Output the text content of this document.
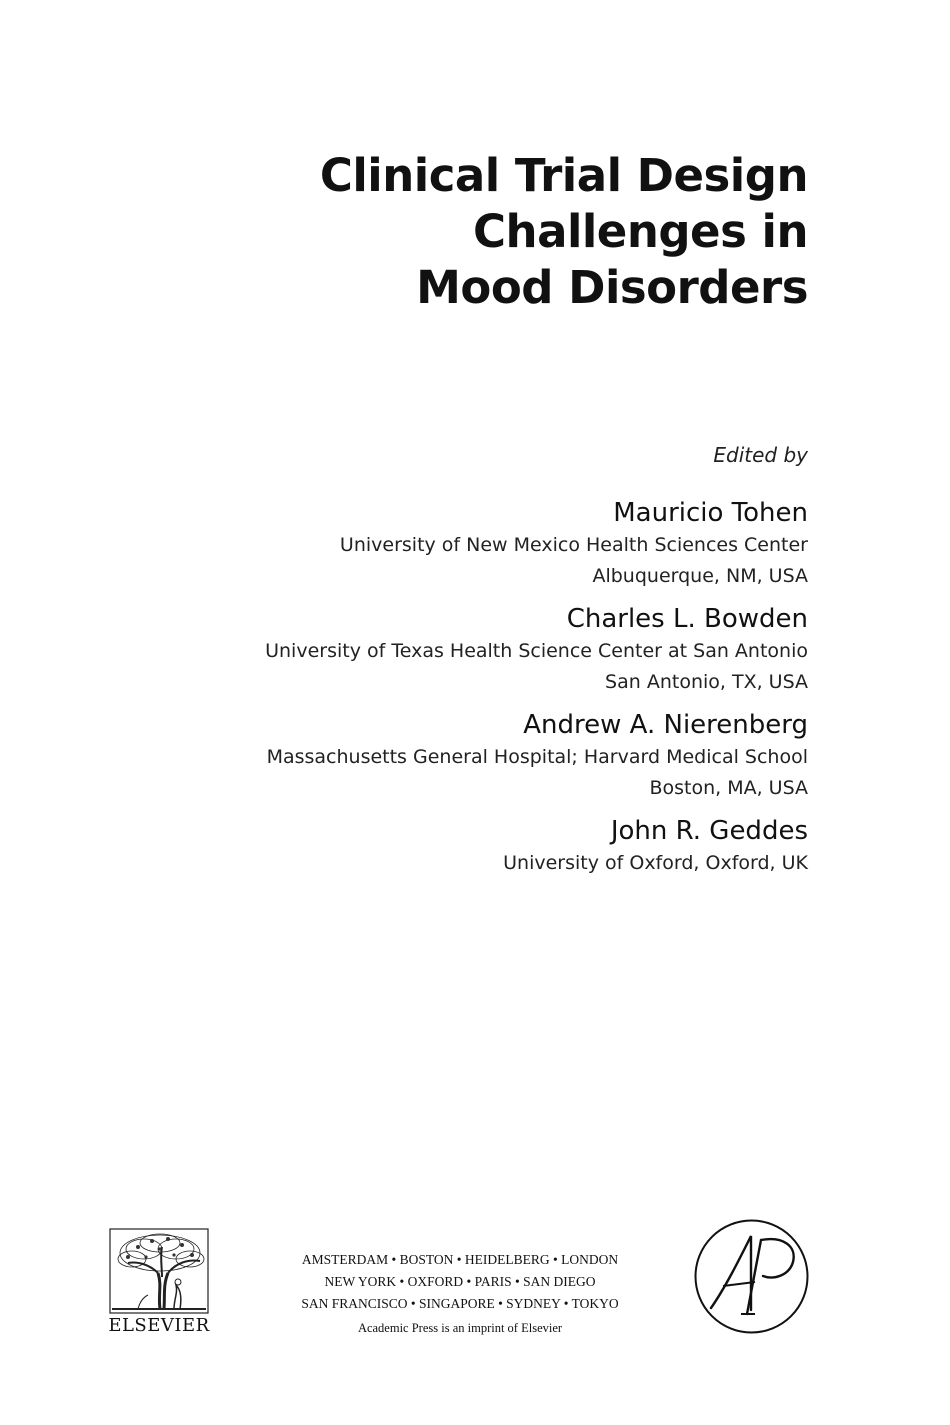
Clinical Trial Design
Challenges in
Mood Disorders
Edited by
Mauricio Tohen
University of New Mexico Health Sciences Center
Albuquerque, NM, USA
Charles L. Bowden
University of Texas Health Science Center at San Antonio
San Antonio, TX, USA
Andrew A. Nierenberg
Massachusetts General Hospital; Harvard Medical School
Boston, MA, USA
John R. Geddes
University of Oxford, Oxford, UK
ELSEVIER
AMSTERDAM • BOSTON • HEIDELBERG • LONDON
NEW YORK • OXFORD • PARIS • SAN DIEGO
SAN FRANCISCO • SINGAPORE • SYDNEY • TOKYO
Academic Press is an imprint of Elsevier
